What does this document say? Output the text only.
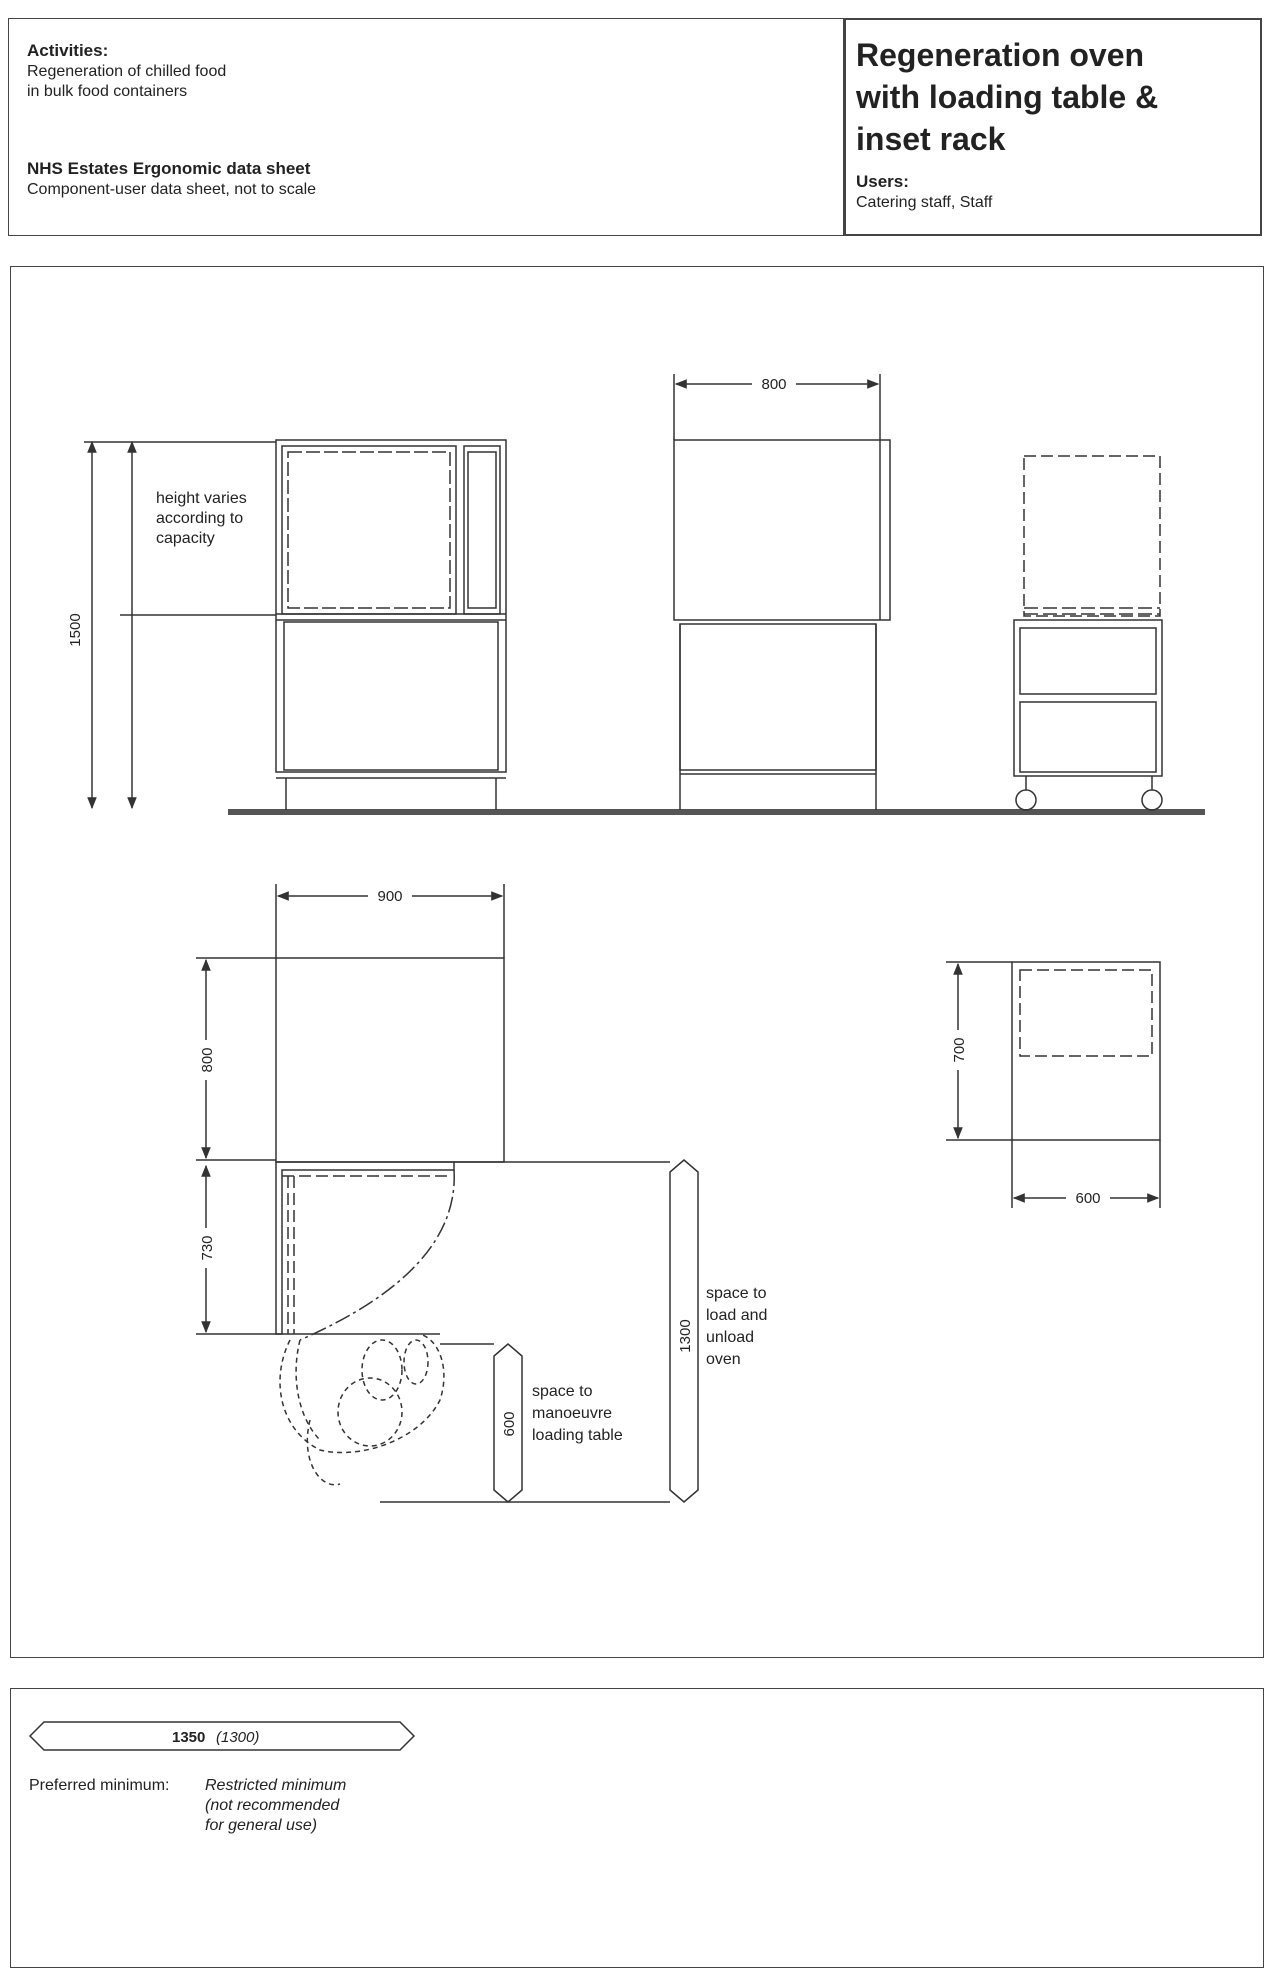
Activities:
Regeneration of chilled food
in bulk food containers
NHS Estates Ergonomic data sheet
Component-user data sheet, not to scale
Regeneration oven
with loading table &
inset rack
Users:
Catering staff, Staff
1500
800
900
800
730
700
600
1300
600
height varies
according to
capacity
space to
load and
unload
oven
space to
manoeuvre
loading table
1350 (1300)
Preferred minimum: Restricted minimum
(not recommended
for general use)
